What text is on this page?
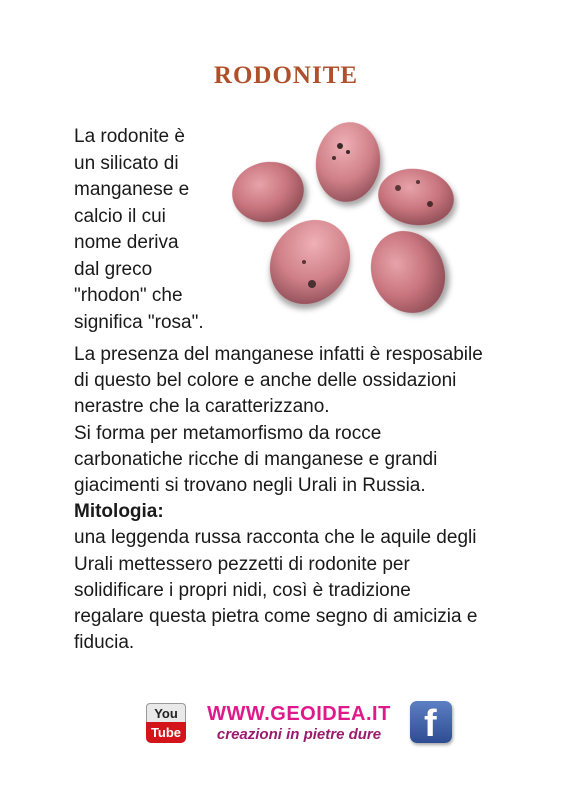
RODONITE

La rodonite è
un silicato di
manganese e
calcio il cui
nome deriva
dal greco
"rhodon" che
significa "rosa".

La presenza del manganese infatti è resposabile
di questo bel colore e anche delle ossidazioni
nerastre che la caratterizzano.
Si forma per metamorfismo da rocce
carbonatiche ricche di manganese e grandi
giacimenti si trovano negli Urali in Russia.
Mitologia:
una leggenda russa racconta che le aquile degli
Urali mettessero pezzetti di rodonite per
solidificare i propri nidi, così è tradizione
regalare questa pietra come segno di amicizia e
fiducia.

You
Tube
WWW.GEOIDEA.IT
creazioni in pietre dure	f
